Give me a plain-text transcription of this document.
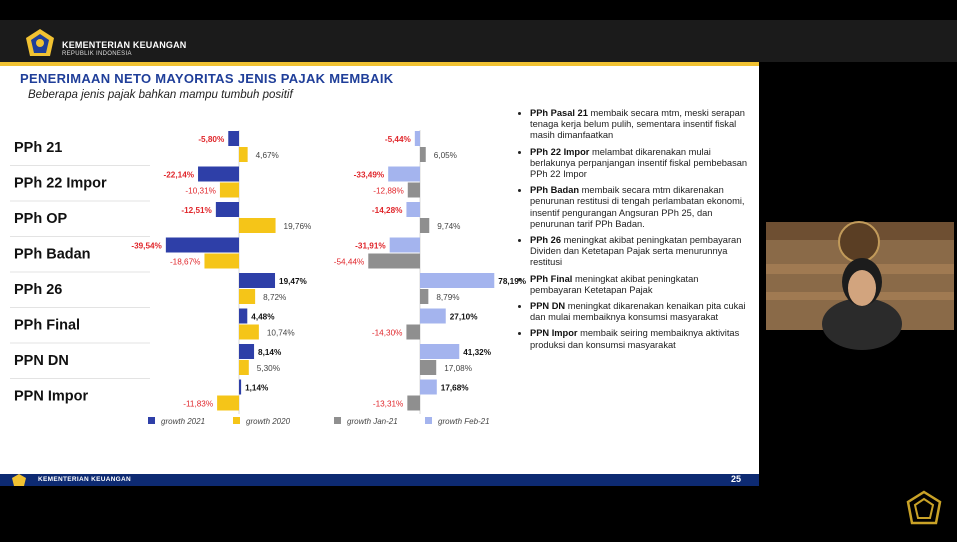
KEMENTERIAN KEUANGAN
REPUBLIK INDONESIA
PENERIMAAN NETO MAYORITAS JENIS PAJAK MEMBAIK
Beberapa jenis pajak bahkan mampu tumbuh positif
PPh 21
PPh 22 Impor
PPh OP
PPh Badan
PPh 26
PPh Final
PPN DN
PPN Impor
-5,80%
-22,14%
-12,51%
-39,54%
19,47%
4,48%
8,14%
1,14%
4,67%
-10,31%
19,76%
-18,67%
8,72%
10,74%
5,30%
-11,83%
-5,44%
-33,49%
-14,28%
-31,91%
78,19%
27,10%
41,32%
17,68%
6,05%
-12,88%
9,74%
-54,44%
8,79%
-14,30%
17,08%
-13,31%
growth 2021	growth 2020	growth Jan-21	growth Feb-21
• PPh Pasal 21 membaik secara mtm, meski serapan tenaga kerja belum pulih, sementara insentif fiskal masih dimanfaatkan
• PPh 22 Impor melambat dikarenakan mulai berlakunya perpanjangan insentif fiskal pembebasan PPh 22 Impor
• PPh Badan membaik secara mtm dikarenakan penurunan restitusi di tengah perlambatan ekonomi, insentif pengurangan Angsuran PPh 25, dan penurunan tarif PPh Badan.
• PPh 26 meningkat akibat peningkatan pembayaran Dividen dan Ketetapan Pajak serta menurunnya restitusi
• PPh Final meningkat akibat peningkatan pembayaran Ketetapan Pajak
• PPN DN meningkat dikarenakan kenaikan pita cukai dan mulai membaiknya konsumsi masyarakat
• PPN Impor membaik seiring membaiknya aktivitas produksi dan konsumsi masyarakat
KEMENTERIAN KEUANGAN	25
